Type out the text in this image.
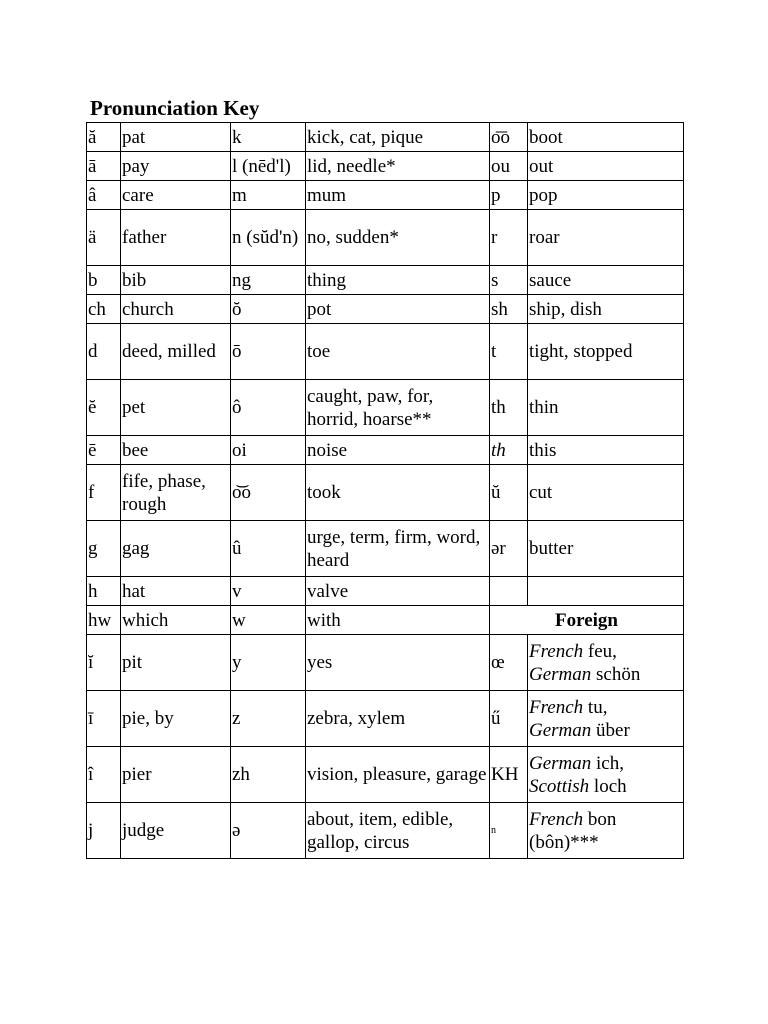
Pronunciation Key
ă	pat	k	kick, cat, pique	o͞o	boot
ā	pay	l (nēd'l)	lid, needle*	ou	out
â	care	m	mum	p	pop
ä	father	n (sŭd'n)	no, sudden*	r	roar
b	bib	ng	thing	s	sauce
ch	church	ŏ	pot	sh	ship, dish
d	deed, milled	ō	toe	t	tight, stopped
ĕ	pet	ô	caught, paw, for, horrid, hoarse**	th	thin
ē	bee	oi	noise	th	this
f	fife, phase, rough	o͝o	took	ŭ	cut
g	gag	û	urge, term, firm, word, heard	ər	butter
h	hat	v	valve		
hw	which	w	with	Foreign	
ĭ	pit	y	yes	œ	French feu,
German schön
ī	pie, by	z	zebra, xylem	ű	French tu,
German über
î	pier	zh	vision, pleasure, garage	KH	German ich,
Scottish loch
j	judge	ə	about, item, edible, gallop, circus	n	French bon
(bôn)***
